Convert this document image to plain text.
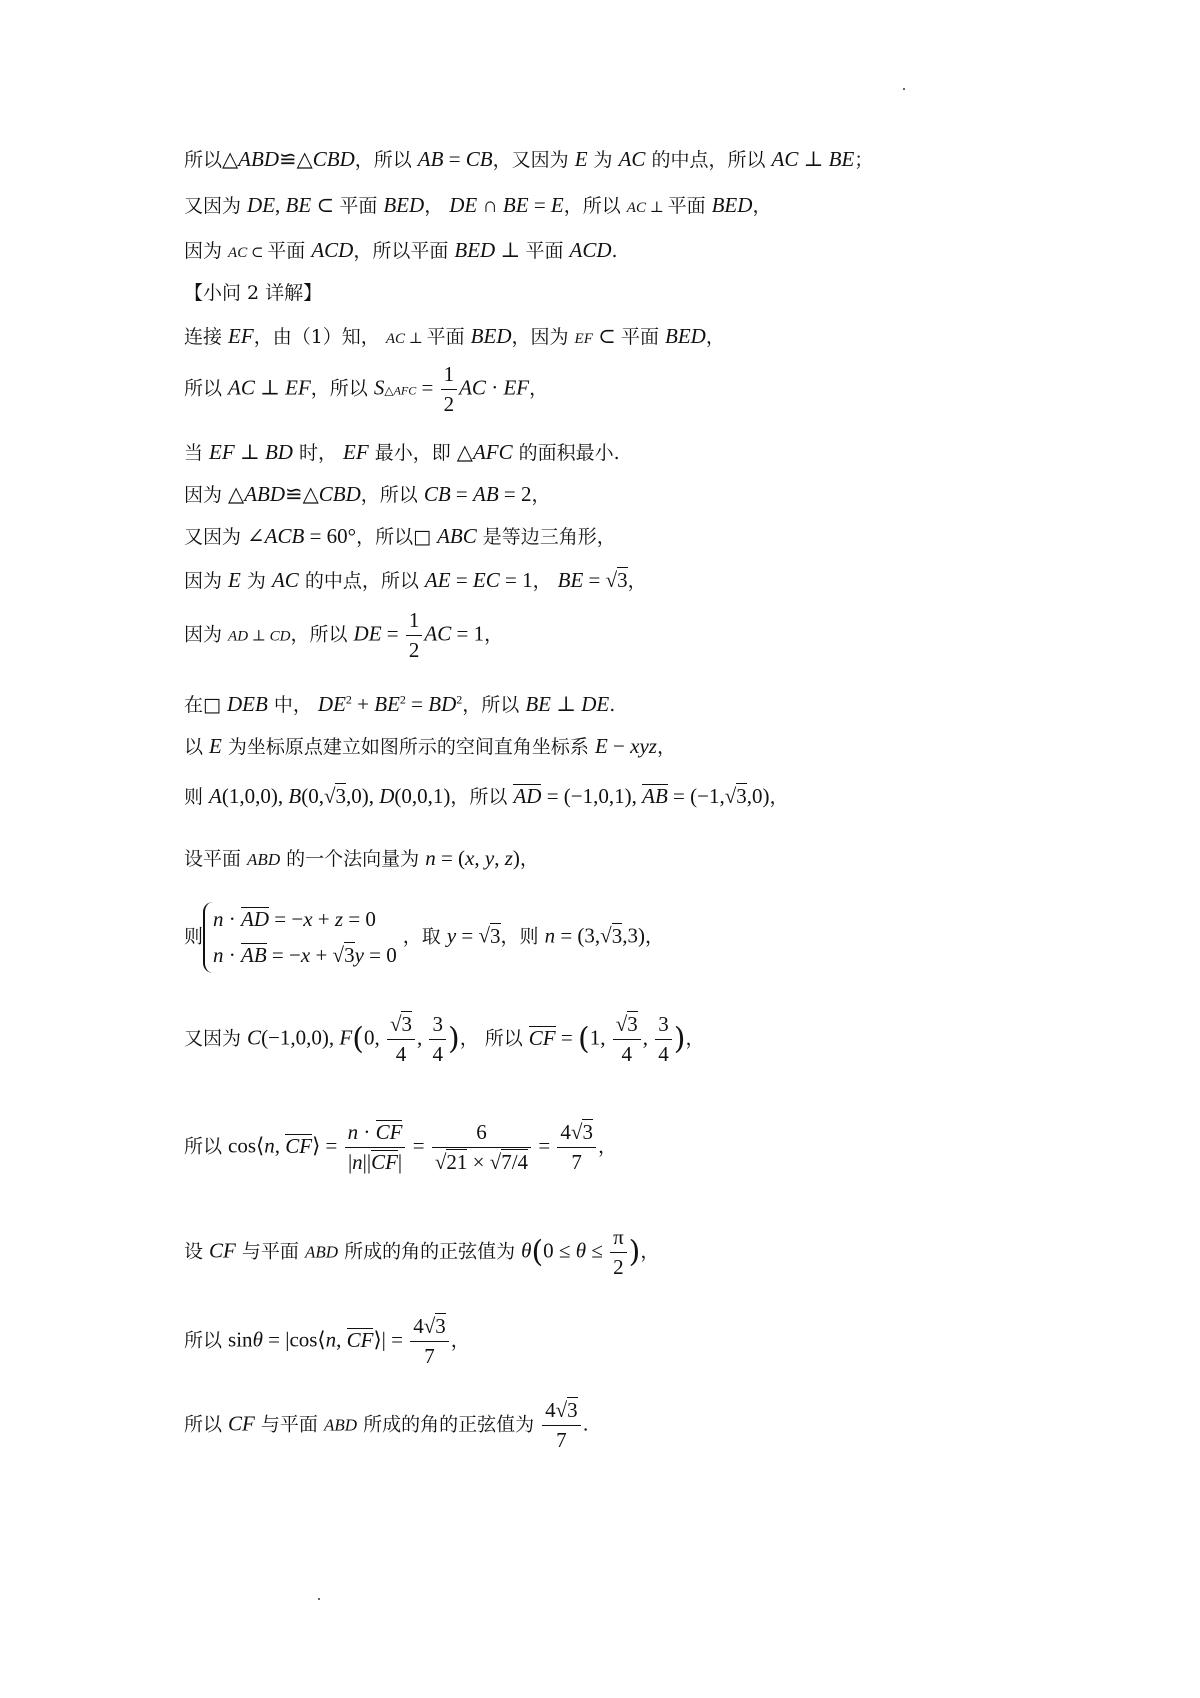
所以△ABD≌△CBD，所以 AB = CB，又因为 E 为 AC 的中点，所以 AC ⊥ BE；
又因为 DE, BE ⊂ 平面 BED， DE ∩ BE = E，所以 AC ⊥ 平面 BED，
因为 AC ⊂ 平面 ACD，所以平面 BED ⊥ 平面 ACD.
【小问 2 详解】
连接 EF，由（1）知， AC ⊥ 平面 BED，因为 EF ⊂ 平面 BED，
所以 AC ⊥ EF，所以 S△AFC = $\frac{1}{2}$ AC · EF，
当 EF ⊥ BD 时， EF 最小，即 △AFC 的面积最小.
因为 △ABD≌△CBD，所以 CB = AB = 2，
又因为 ∠ACB = 60°，所以□ ABC 是等边三角形，
因为 E 为 AC 的中点，所以 AE = EC = 1， BE = √3，
因为 AD ⊥ CD，所以 DE = $\frac{1}{2}$ AC = 1，
在□ DEB 中， $DE^2 + BE^2 = BD^2$，所以 BE ⊥ DE.
以 E 为坐标原点建立如图所示的空间直角坐标系 E − xyz，
则 A(1,0,0), B(0,√3,0), D(0,0,1)，所以 AD = (−1,0,1), AB = (−1,√3,0)，
设平面 ABD 的一个法向量为 n = (x, y, z)，
则n · AD = −x + z = 0
n · AB = −x + √3y = 0 ，取 y = √3，则 n = (3,√3,3)，
又因为 C(−1,0,0), F(0, $\frac{√3}{4}$ , $\frac{3}{4}$ )， 所以 CF = (1, $\frac{√3}{4}$ , $\frac{3}{4}$ )，
所以 cos⟨n, CF⟩ = $\frac{n \cdot CF}{|n||CF|} = \frac{6}{√21 \times √7/4} = \frac{4√3}{7}$ ，
设 CF 与平面 ABD 所成的角的正弦值为 $\theta(0 \le \theta \le \frac{\pi}{2}$ )，
所以 sinθ = |cos⟨n, CF⟩| = $\frac{4√3}{7}$ ，
所以 CF 与平面 ABD 所成的角的正弦值为 $\frac{4√3}{7}$ .
